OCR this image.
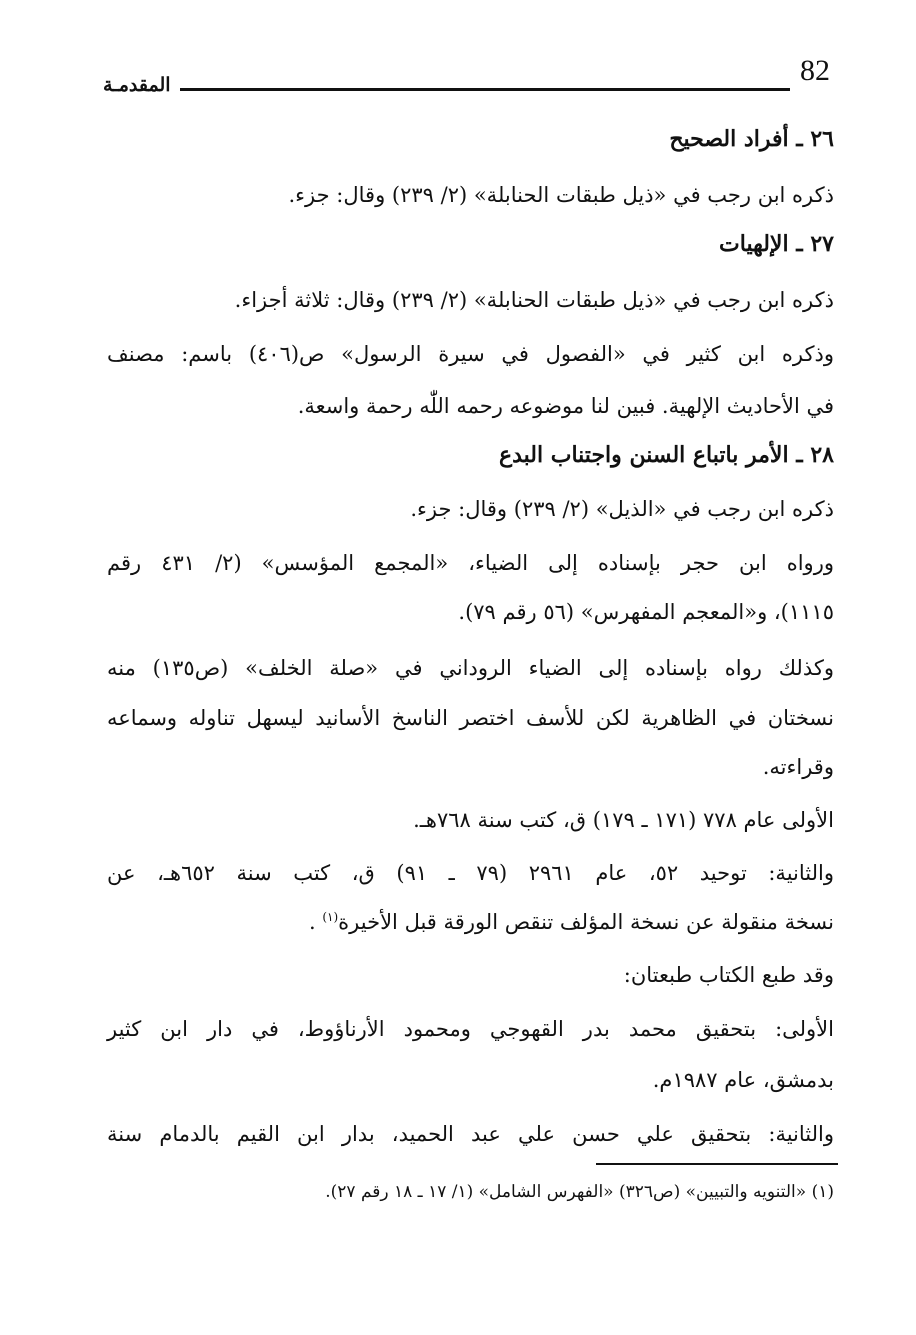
82
المقدمـة
٢٦ ـ أفراد الصحيح
ذكره ابن رجب في «ذيل طبقات الحنابلة» (٢/ ٢٣٩) وقال: جزء.
٢٧ ـ الإلهيات
ذكره ابن رجب في «ذيل طبقات الحنابلة» (٢/ ٢٣٩) وقال: ثلاثة أجزاء.
وذكره ابن كثير في «الفصول في سيرة الرسول» ص(٤٠٦) باسم: مصنف
في الأحاديث الإلهية. فبين لنا موضوعه رحمه اللّٰه رحمة واسعة.
٢٨ ـ الأمر باتباع السنن واجتناب البدع
ذكره ابن رجب في «الذيل» (٢/ ٢٣٩) وقال: جزء.
ورواه ابن حجر بإسناده إلى الضياء، «المجمع المؤسس» (٢/ ٤٣١ رقم
١١١٥)، و«المعجم المفهرس» (٥٦ رقم ٧٩).
وكذلك رواه بإسناده إلى الضياء الروداني في «صلة الخلف» (ص١٣٥) منه
نسختان في الظاهرية لكن للأسف اختصر الناسخ الأسانيد ليسهل تناوله وسماعه
وقراءته.
الأولى عام ٧٧٨ (١٧١ ـ ١٧٩) ق، كتب سنة ٧٦٨هـ.
والثانية: توحيد ٥٢، عام ٢٩٦١ (٧٩ ـ ٩١) ق، كتب سنة ٦٥٢هـ، عن
نسخة منقولة عن نسخة المؤلف تنقص الورقة قبل الأخيرة$^{(١)}$ .
وقد طبع الكتاب طبعتان:
الأولى: بتحقيق محمد بدر القهوجي ومحمود الأرناؤوط، في دار ابن كثير
بدمشق، عام ١٩٨٧م.
والثانية: بتحقيق علي حسن علي عبد الحميد، بدار ابن القيم بالدمام سنة
(١) «التنويه والتبيين» (ص٣٢٦) «الفهرس الشامل» (١/ ١٧ ـ ١٨ رقم ٢٧).
